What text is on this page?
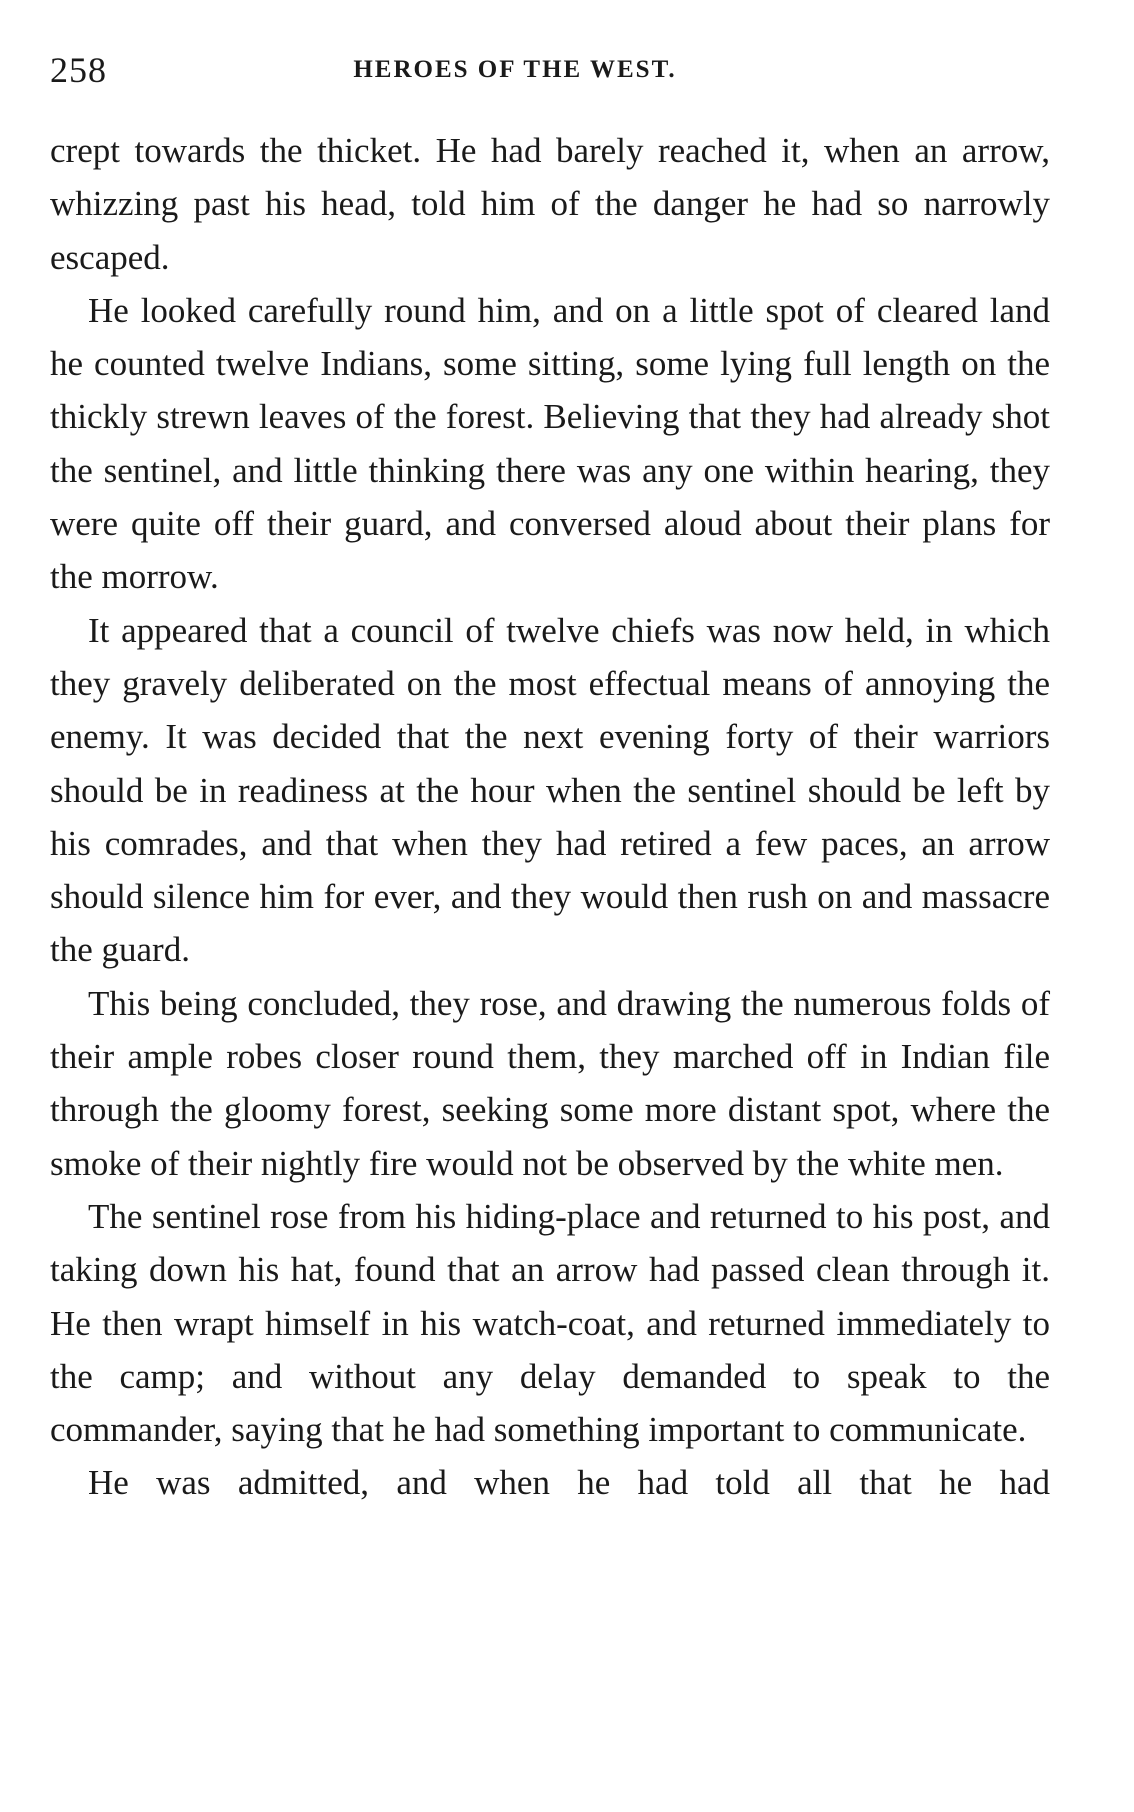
258	HEROES OF THE WEST.

crept towards the thicket. He had barely reached it, when an arrow, whizzing past his head, told him of the danger he had so narrowly escaped.

He looked carefully round him, and on a little spot of cleared land he counted twelve Indians, some sitting, some lying full length on the thickly strewn leaves of the forest. Believing that they had already shot the sentinel, and little thinking there was any one within hearing, they were quite off their guard, and conversed aloud about their plans for the morrow.

It appeared that a council of twelve chiefs was now held, in which they gravely deliberated on the most effectual means of annoying the enemy. It was decided that the next evening forty of their warriors should be in readiness at the hour when the sentinel should be left by his comrades, and that when they had retired a few paces, an arrow should silence him for ever, and they would then rush on and massacre the guard.

This being concluded, they rose, and drawing the numerous folds of their ample robes closer round them, they marched off in Indian file through the gloomy forest, seeking some more distant spot, where the smoke of their nightly fire would not be observed by the white men.

The sentinel rose from his hiding-place and returned to his post, and taking down his hat, found that an arrow had passed clean through it. He then wrapt himself in his watch-coat, and returned immediately to the camp; and without any delay demanded to speak to the commander, saying that he had something important to communicate.

He was admitted, and when he had told all that he had
